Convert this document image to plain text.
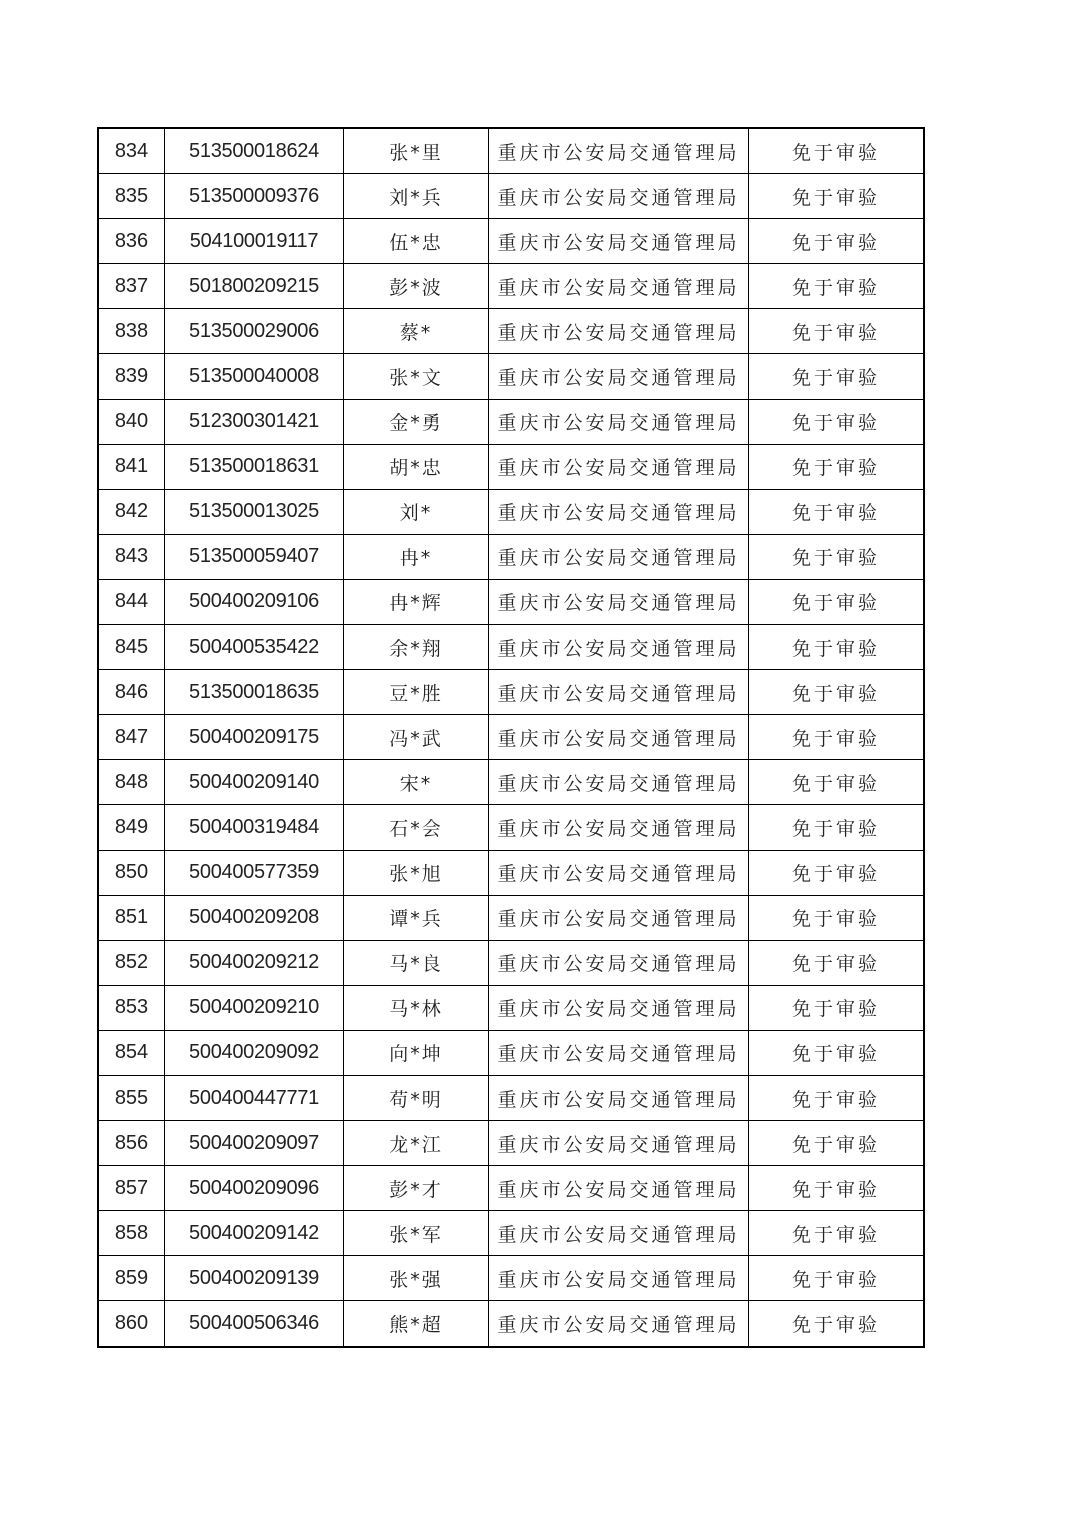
834	513500018624	张*里	重庆市公安局交通管理局	免于审验
835	513500009376	刘*兵	重庆市公安局交通管理局	免于审验
836	504100019117	伍*忠	重庆市公安局交通管理局	免于审验
837	501800209215	彭*波	重庆市公安局交通管理局	免于审验
838	513500029006	蔡*	重庆市公安局交通管理局	免于审验
839	513500040008	张*文	重庆市公安局交通管理局	免于审验
840	512300301421	金*勇	重庆市公安局交通管理局	免于审验
841	513500018631	胡*忠	重庆市公安局交通管理局	免于审验
842	513500013025	刘*	重庆市公安局交通管理局	免于审验
843	513500059407	冉*	重庆市公安局交通管理局	免于审验
844	500400209106	冉*辉	重庆市公安局交通管理局	免于审验
845	500400535422	余*翔	重庆市公安局交通管理局	免于审验
846	513500018635	豆*胜	重庆市公安局交通管理局	免于审验
847	500400209175	冯*武	重庆市公安局交通管理局	免于审验
848	500400209140	宋*	重庆市公安局交通管理局	免于审验
849	500400319484	石*会	重庆市公安局交通管理局	免于审验
850	500400577359	张*旭	重庆市公安局交通管理局	免于审验
851	500400209208	谭*兵	重庆市公安局交通管理局	免于审验
852	500400209212	马*良	重庆市公安局交通管理局	免于审验
853	500400209210	马*林	重庆市公安局交通管理局	免于审验
854	500400209092	向*坤	重庆市公安局交通管理局	免于审验
855	500400447771	苟*明	重庆市公安局交通管理局	免于审验
856	500400209097	龙*江	重庆市公安局交通管理局	免于审验
857	500400209096	彭*才	重庆市公安局交通管理局	免于审验
858	500400209142	张*军	重庆市公安局交通管理局	免于审验
859	500400209139	张*强	重庆市公安局交通管理局	免于审验
860	500400506346	熊*超	重庆市公安局交通管理局	免于审验
